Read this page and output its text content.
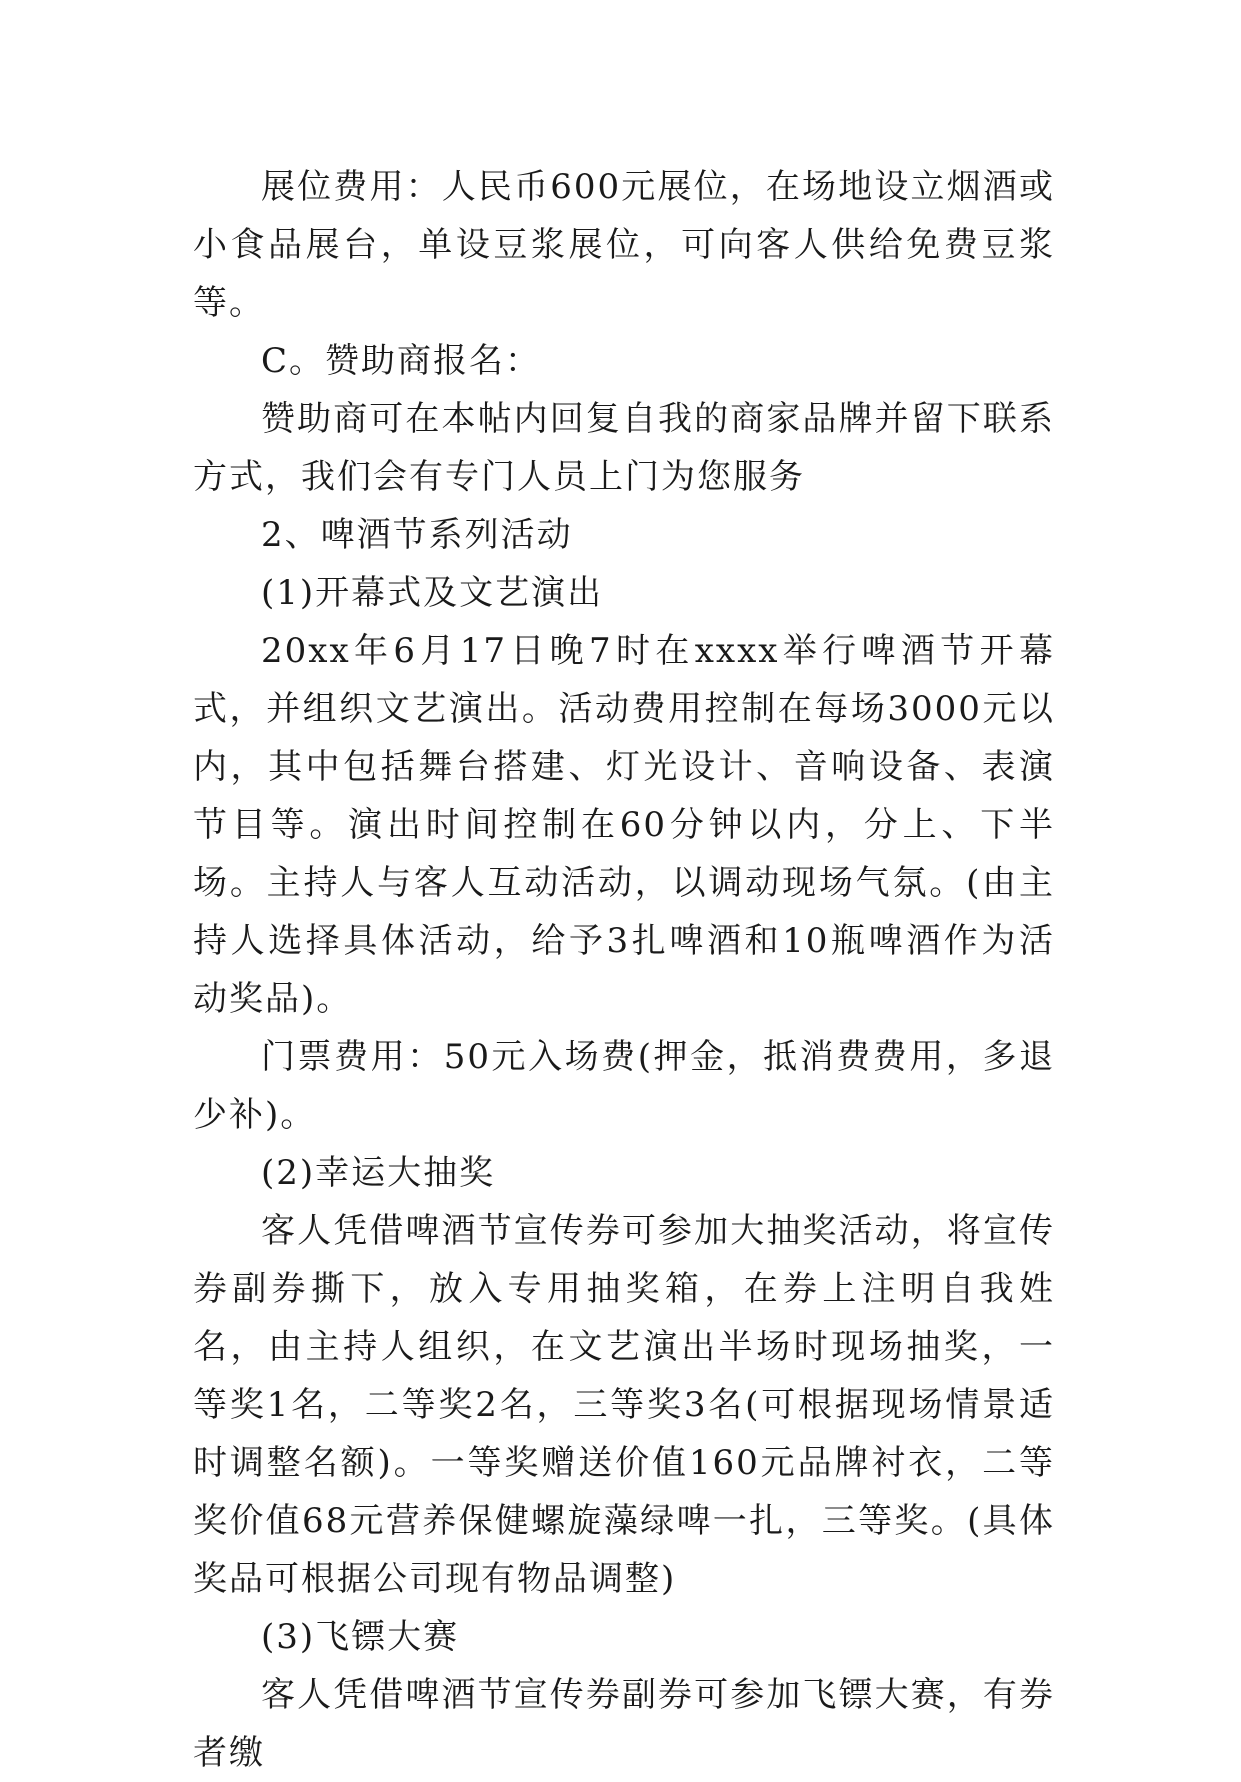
展位费用：人民币600元展位，在场地设立烟酒或小食品展台，单设豆浆展位，可向客人供给免费豆浆等。

C。赞助商报名：

赞助商可在本帖内回复自我的商家品牌并留下联系方式，我们会有专门人员上门为您服务

2、啤酒节系列活动

(1)开幕式及文艺演出

20xx年6月17日晚7时在xxxx举行啤酒节开幕式，并组织文艺演出。活动费用控制在每场3000元以内，其中包括舞台搭建、灯光设计、音响设备、表演节目等。演出时间控制在60分钟以内，分上、下半场。主持人与客人互动活动，以调动现场气氛。(由主持人选择具体活动，给予3扎啤酒和10瓶啤酒作为活动奖品)。

门票费用：50元入场费(押金，抵消费费用，多退少补)。

(2)幸运大抽奖

客人凭借啤酒节宣传券可参加大抽奖活动，将宣传券副券撕下，放入专用抽奖箱，在券上注明自我姓名，由主持人组织，在文艺演出半场时现场抽奖，一等奖1名，二等奖2名，三等奖3名(可根据现场情景适时调整名额)。一等奖赠送价值160元品牌衬衣，二等奖价值68元营养保健螺旋藻绿啤一扎，三等奖。(具体奖品可根据公司现有物品调整)

(3)飞镖大赛

客人凭借啤酒节宣传券副券可参加飞镖大赛，有券者缴
